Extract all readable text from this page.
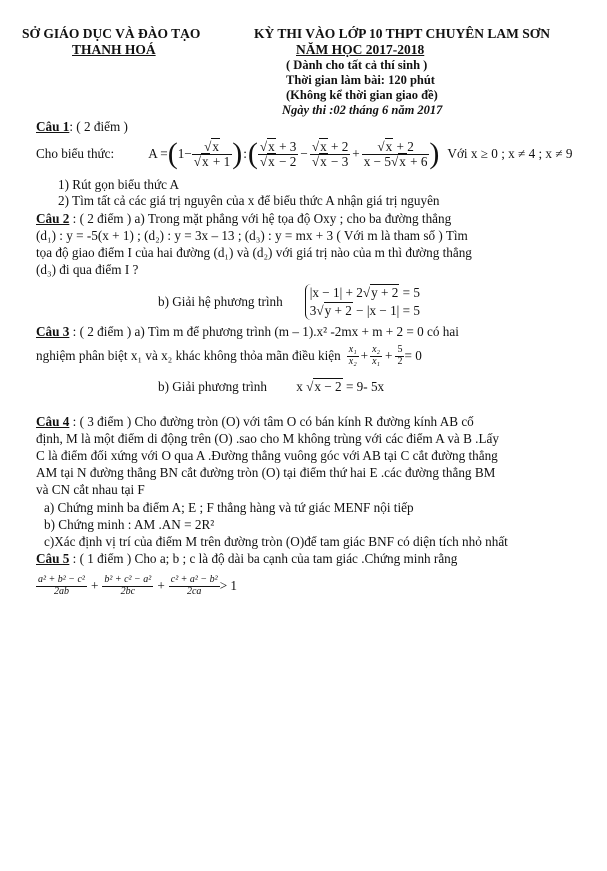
SỞ GIÁO DỤC VÀ ĐÀO TẠO
THANH HOÁ
KỲ THI VÀO LỚP 10 THPT CHUYÊN LAM SƠN
NĂM HỌC 2017-2018
( Dành cho tất cả thí sinh )
Thời gian làm bài: 120 phút
(Không kể thời gian giao đề)
Ngày thi :02 tháng 6 năm 2017
Câu 1: ( 2 điểm )
Cho biểu thức:	A = ( $1- \frac{√x}{√x + 1}$ ) : ( $\frac{√x + 3}{√x - 2} - \frac{√x + 2}{√x - 3} + \frac{√x + 2}{x - 5√x + 6}$ ) Với x ≥ 0 ; x ≠ 4 ; x ≠ 9
1) Rút gọn biểu thức A
2) Tìm tất cả các giá trị nguyên của x để biểu thức A nhận giá trị nguyên
Câu 2 : ( 2 điểm ) a) Trong mặt phẳng với hệ tọa độ Oxy ; cho ba đường thẳng
(d₁) : y = -5(x + 1) ; (d₂) : y = 3x – 13 ; (d₃) : y = mx + 3 ( Với m là tham số ) Tìm
tọa độ giao điểm I của hai đường (d₁) và (d₂) với giá trị nào của m thì đường thẳng
(d₃) đi qua điểm I ?
b) Giải hệ phương trình
|x − 1| + 2√y + 2 = 5
3√y + 2 − |x − 1| = 5
Câu 3 : ( 2 điểm ) a) Tìm m để phương trình (m – 1).x² -2mx + m + 2 = 0 có hai
nghiệm phân biệt x₁ và x₂ khác không thỏa mãn điều kiện $\frac{\text{x₁}}{\text{x₂}} + \frac{\text{x₂}}{\text{x₁}} + \frac{5}{2} = 0$
b) Giải phương trình x √x − 2 = 9- 5x
Câu 4 : ( 3 điểm ) Cho đường tròn (O) với tâm O có bán kính R đường kính AB cố
định, M là một điểm di động trên (O) .sao cho M không trùng với các điểm A và B .Lấy
C là điểm đối xứng với O qua A .Đường thẳng vuông góc với AB tại C cắt đường thẳng
AM tại N đường thẳng BN cắt đường tròn (O) tại điểm thứ hai E .các đường thẳng BM
và CN cắt nhau tại F
a) Chứng minh ba điểm A; E ; F thẳng hàng và tứ giác MENF nội tiếp
b) Chứng minh : AM .AN = 2R²
c)Xác định vị trí của điểm M trên đường tròn (O)để tam giác BNF có diện tích nhỏ nhất
Câu 5 : ( 1 điểm ) Cho a; b ; c là độ dài ba cạnh của tam giác .Chứng minh rằng
$\frac{\text{a² + b² − c²}}{2ab} + \frac{\text{b² + c² − a²}}{2bc} + \frac{\text{c² + a² − b²}}{2ca} > 1$
